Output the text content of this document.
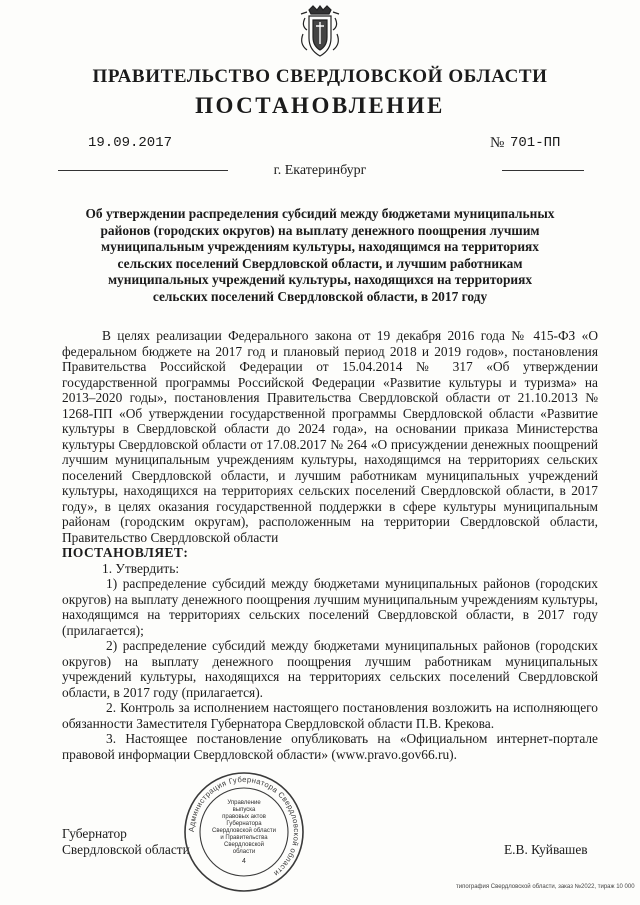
ПРАВИТЕЛЬСТВО СВЕРДЛОВСКОЙ ОБЛАСТИ
ПОСТАНОВЛЕНИЕ
19.09.2017	№ 701-ПП
г. Екатеринбург
Об утверждении распределения субсидий между бюджетами муниципальных районов (городских округов) на выплату денежного поощрения лучшим муниципальным учреждениям культуры, находящимся на территориях сельских поселений Свердловской области, и лучшим работникам муниципальных учреждений культуры, находящихся на территориях сельских поселений Свердловской области, в 2017 году

В целях реализации Федерального закона от 19 декабря 2016 года № 415-ФЗ «О федеральном бюджете на 2017 год и плановый период 2018 и 2019 годов», постановления Правительства Российской Федерации от 15.04.2014 № 317 «Об утверждении государственной программы Российской Федерации «Развитие культуры и туризма» на 2013–2020 годы», постановления Правительства Свердловской области от 21.10.2013 № 1268-ПП «Об утверждении государственной программы Свердловской области «Развитие культуры в Свердловской области до 2024 года», на основании приказа Министерства культуры Свердловской области от 17.08.2017 № 264 «О присуждении денежных поощрений лучшим муниципальным учреждениям культуры, находящимся на территориях сельских поселений Свердловской области, и лучшим работникам муниципальных учреждений культуры, находящихся на территориях сельских поселений Свердловской области, в 2017 году», в целях оказания государственной поддержки в сфере культуры муниципальным районам (городским округам), расположенным на территории Свердловской области, Правительство Свердловской области

ПОСТАНОВЛЯЕТ:

1. Утвердить:

1) распределение субсидий между бюджетами муниципальных районов (городских округов) на выплату денежного поощрения лучшим муниципальным учреждениям культуры, находящимся на территориях сельских поселений Свердловской области, в 2017 году (прилагается);

2) распределение субсидий между бюджетами муниципальных районов (городских округов) на выплату денежного поощрения лучшим работникам муниципальных учреждений культуры, находящихся на территориях сельских поселений Свердловской области, в 2017 году (прилагается).

2. Контроль за исполнением настоящего постановления возложить на исполняющего обязанности Заместителя Губернатора Свердловской области П.В. Крекова.

3. Настоящее постановление опубликовать на «Официальном интернет-портале правовой информации Свердловской области» (www.pravo.gov66.ru).

Губернатор
Свердловской области	Е.В. Куйвашев
Администрация Губернатора Свердловской области
Управление
выпуска
правовых актов
Губернатора
Свердловской области
и Правительства
Свердловской
области
4
типография Свердловской области, заказ №2022, тираж 10 000
